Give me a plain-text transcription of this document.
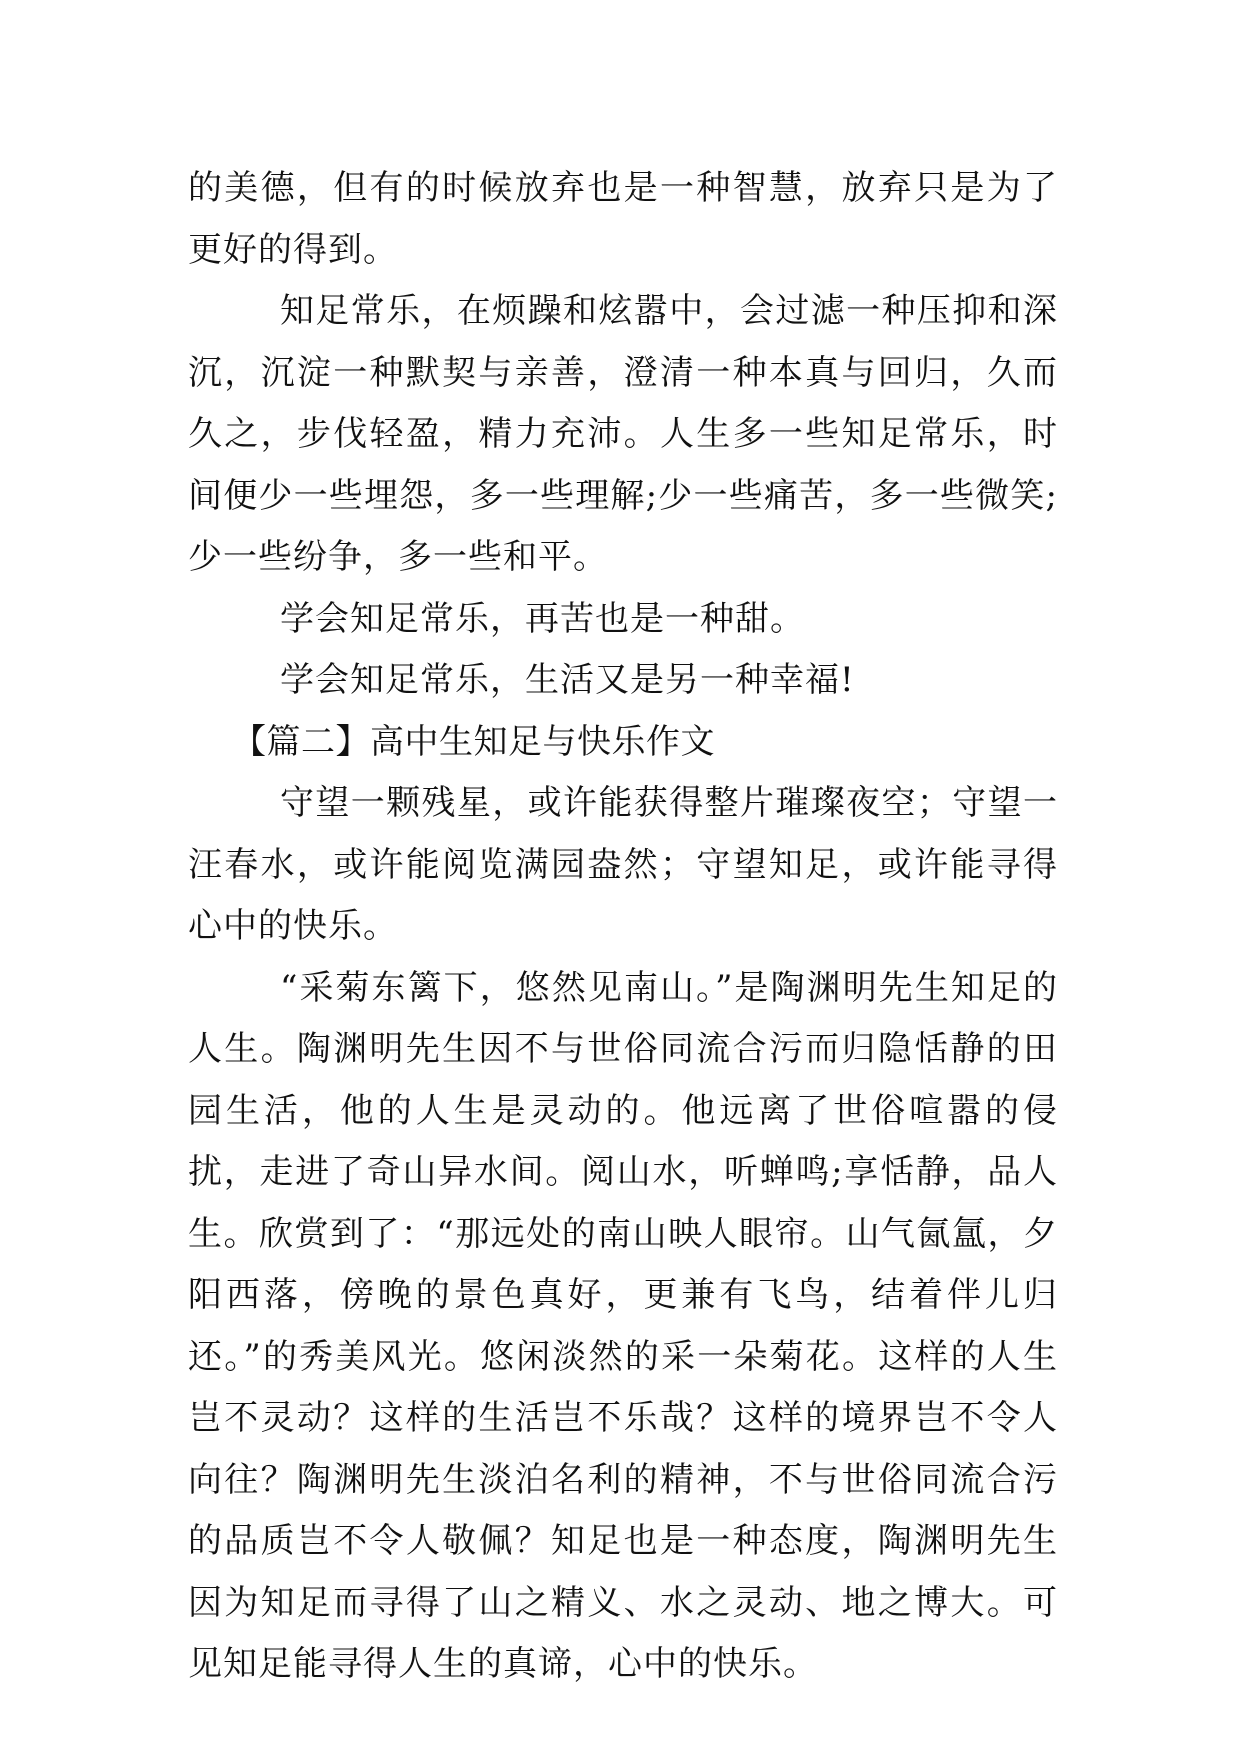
的美德，但有的时候放弃也是一种智慧，放弃只是为了更好的得到。

知足常乐，在烦躁和炫嚣中，会过滤一种压抑和深沉，沉淀一种默契与亲善，澄清一种本真与回归，久而久之，步伐轻盈，精力充沛。人生多一些知足常乐，时间便少一些埋怨，多一些理解;少一些痛苦，多一些微笑;少一些纷争，多一些和平。

学会知足常乐，再苦也是一种甜。

学会知足常乐，生活又是另一种幸福!

【篇二】高中生知足与快乐作文

守望一颗残星，或许能获得整片璀璨夜空；守望一汪春水，或许能阅览满园盎然；守望知足，或许能寻得心中的快乐。

“采菊东篱下，悠然见南山。”是陶渊明先生知足的人生。陶渊明先生因不与世俗同流合污而归隐恬静的田园生活，他的人生是灵动的。他远离了世俗喧嚣的侵扰，走进了奇山异水间。阅山水，听蝉鸣;享恬静，品人生。欣赏到了：“那远处的南山映人眼帘。山气氤氲，夕阳西落，傍晚的景色真好，更兼有飞鸟，结着伴儿归还。”的秀美风光。悠闲淡然的采一朵菊花。这样的人生岂不灵动？这样的生活岂不乐哉？这样的境界岂不令人向往？陶渊明先生淡泊名利的精神，不与世俗同流合污的品质岂不令人敬佩？知足也是一种态度，陶渊明先生因为知足而寻得了山之精义、水之灵动、地之博大。可见知足能寻得人生的真谛，心中的快乐。
